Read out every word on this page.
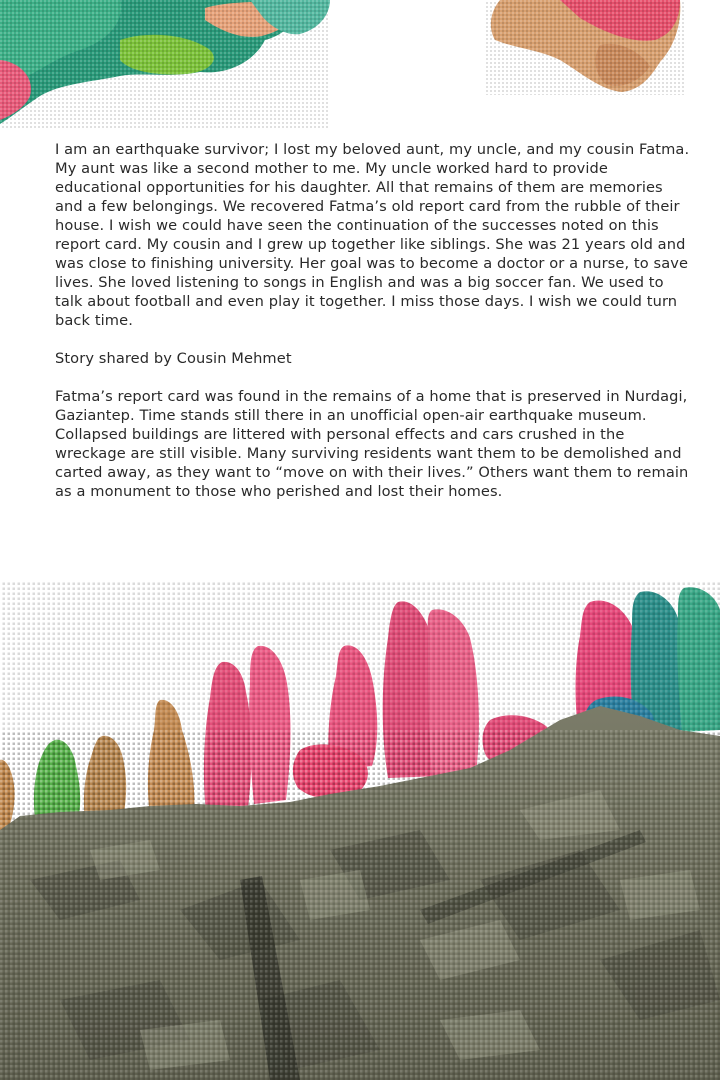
I am an earthquake survivor; I lost my beloved aunt, my uncle, and my cousin Fatma. My aunt was like a second mother to me. My uncle worked hard to provide educational opportunities for his daughter. All that remains of them are memories and a few belongings. We recovered Fatma’s old report card from the rubble of their house. I wish we could have seen the continuation of the successes noted on this report card. My cousin and I grew up together like siblings. She was 21 years old and was close to finishing university. Her goal was to become a doctor or a nurse, to save lives. She loved listening to songs in English and was a big soccer fan. We used to talk about football and even play it together. I miss those days. I wish we could turn back time.

Story shared by Cousin Mehmet

Fatma’s report card was found in the remains of a home that is preserved in Nurdagi, Gaziantep. Time stands still there in an unofficial open-air earthquake museum. Collapsed buildings are littered with personal effects and cars crushed in the wreckage are still visible. Many surviving residents want them to be demolished and carted away, as they want to “move on with their lives.” Others want them to remain as a monument to those who perished and lost their homes.
